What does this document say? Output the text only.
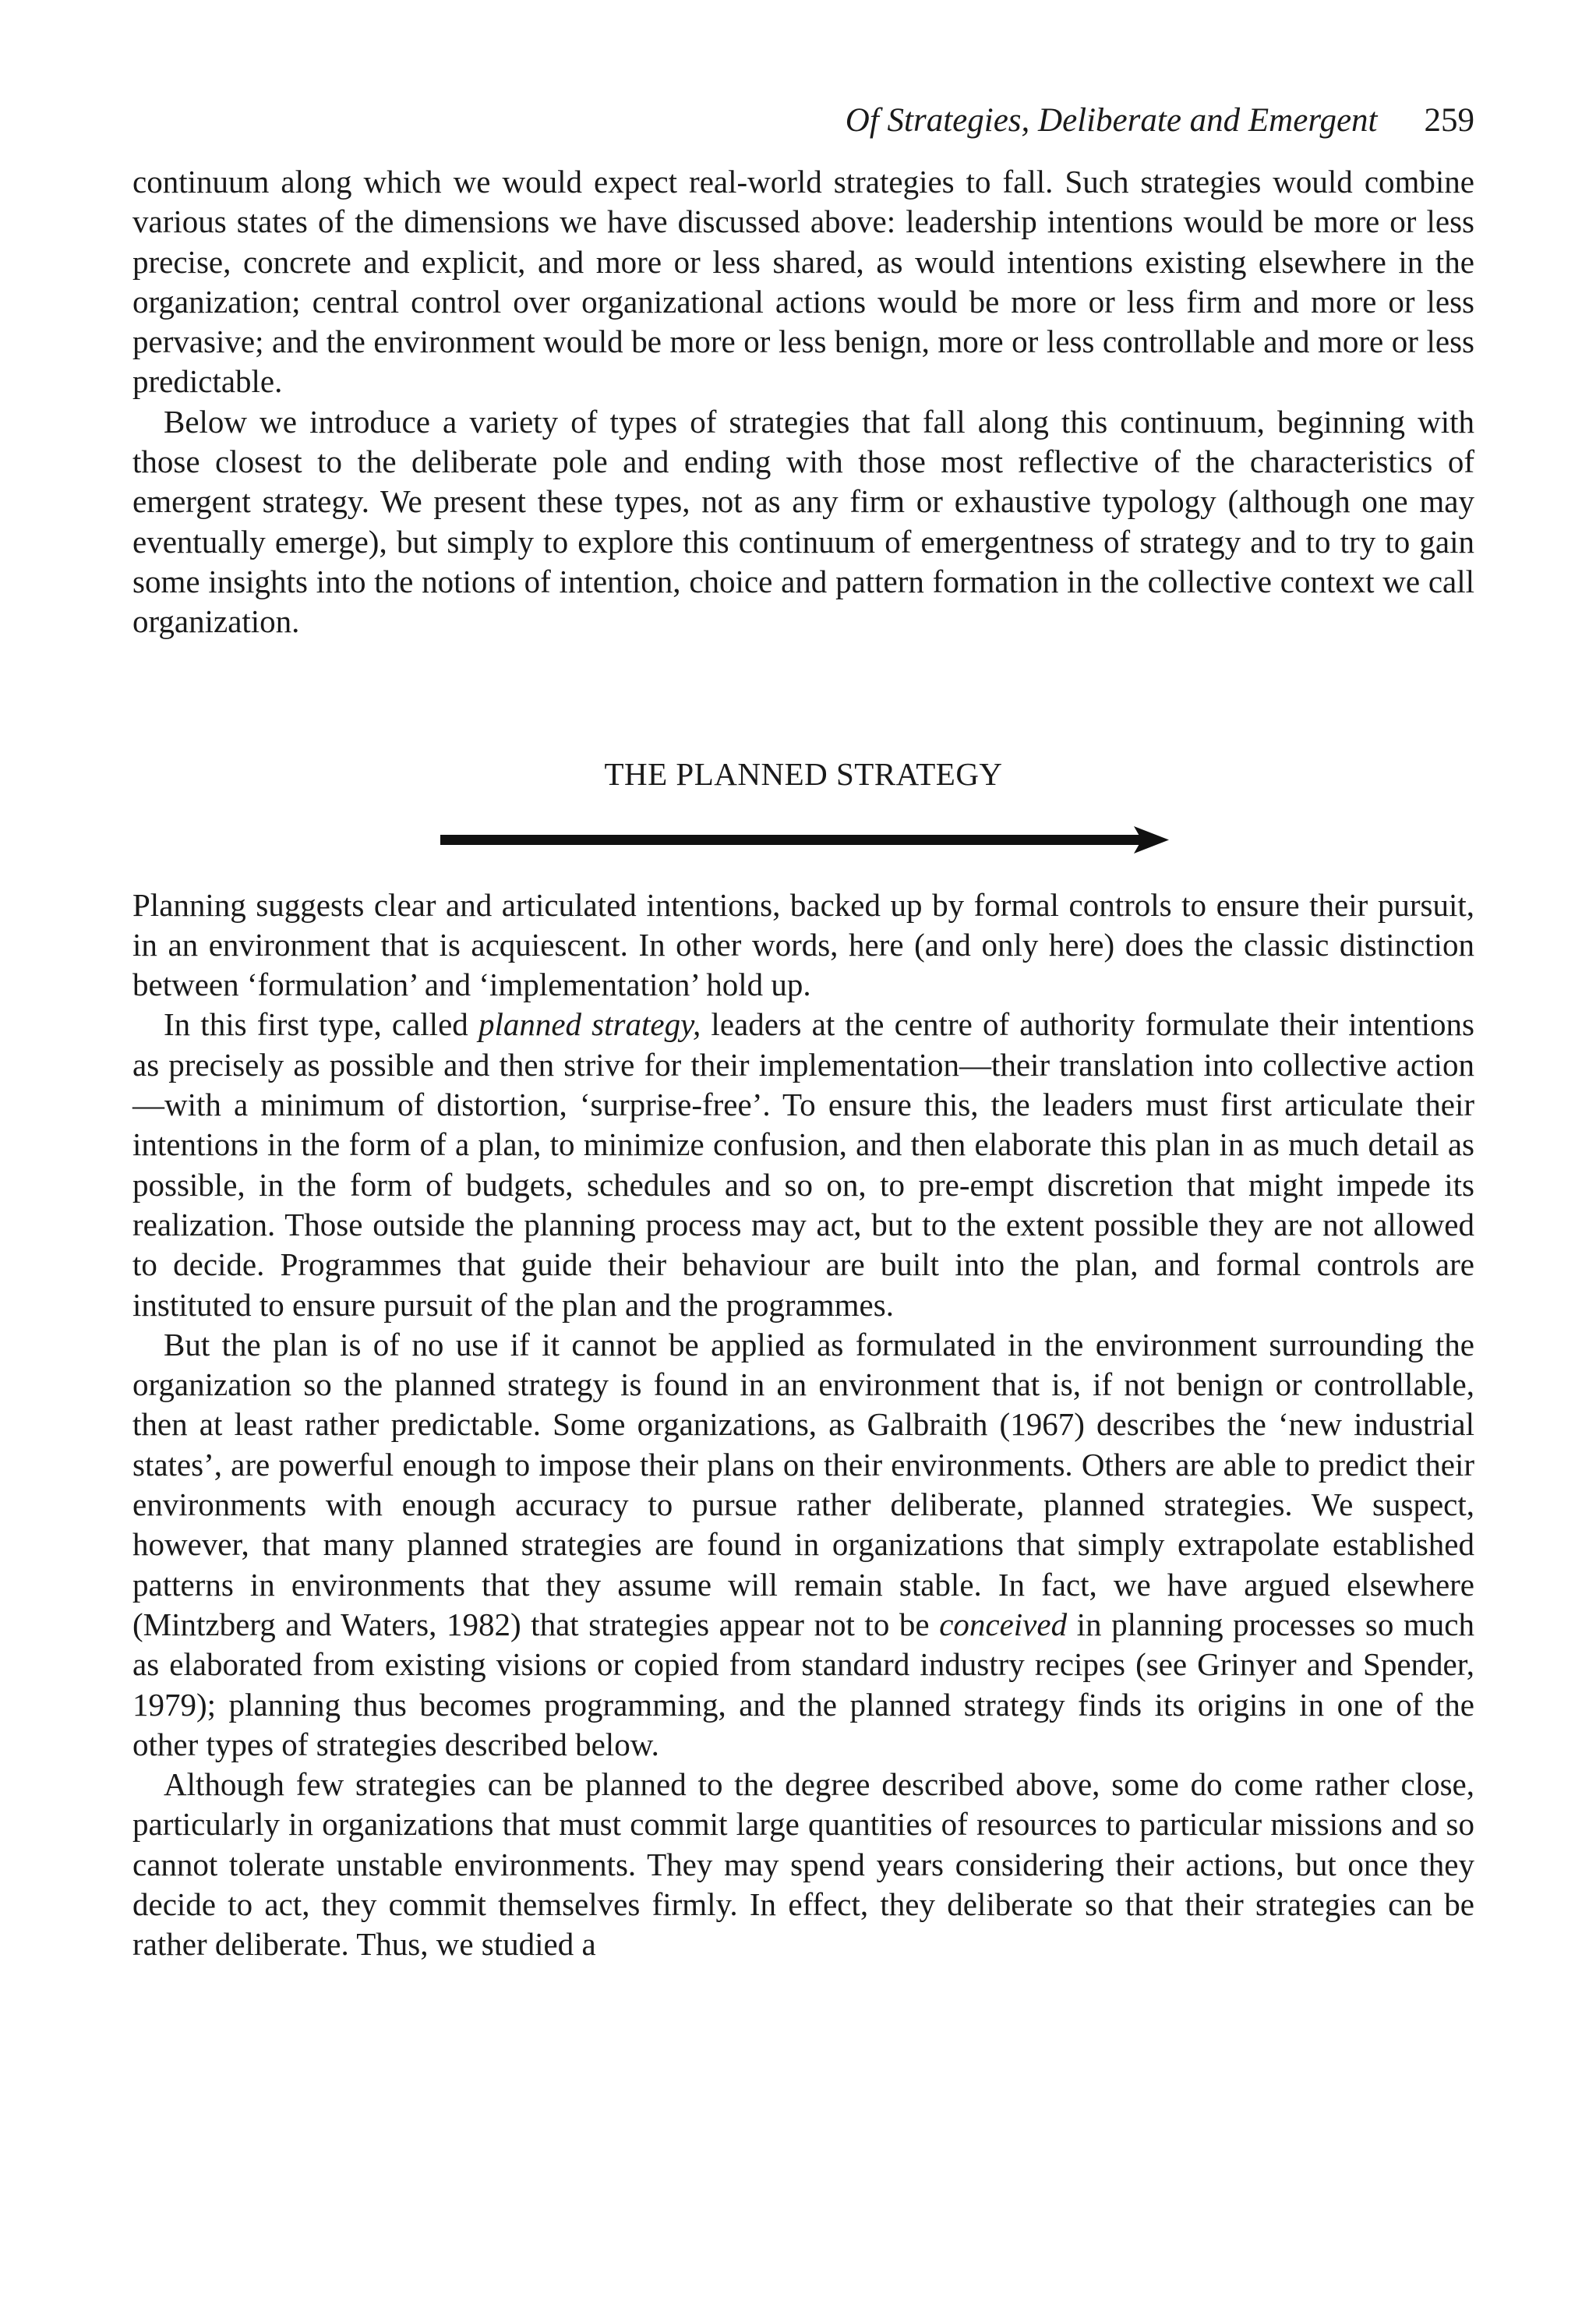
Of Strategies, Deliberate and Emergent 259

continuum along which we would expect real-world strategies to fall. Such strategies would combine various states of the dimensions we have discussed above: leadership intentions would be more or less precise, concrete and explicit, and more or less shared, as would intentions existing elsewhere in the organization; central control over organizational actions would be more or less firm and more or less pervasive; and the environment would be more or less benign, more or less controllable and more or less predictable.

Below we introduce a variety of types of strategies that fall along this continuum, beginning with those closest to the deliberate pole and ending with those most reflective of the characteristics of emergent strategy. We present these types, not as any firm or exhaustive typology (although one may eventually emerge), but simply to explore this continuum of emergentness of strategy and to try to gain some insights into the notions of intention, choice and pattern formation in the collective context we call organization.

THE PLANNED STRATEGY

Planning suggests clear and articulated intentions, backed up by formal controls to ensure their pursuit, in an environment that is acquiescent. In other words, here (and only here) does the classic distinction between ‘formulation’ and ‘implementation’ hold up.

In this first type, called planned strategy, leaders at the centre of authority formulate their intentions as precisely as possible and then strive for their implementation—their translation into collective action—with a minimum of distortion, ‘surprise-free’. To ensure this, the leaders must first articulate their intentions in the form of a plan, to minimize confusion, and then elaborate this plan in as much detail as possible, in the form of budgets, schedules and so on, to pre-empt discretion that might impede its realization. Those outside the planning process may act, but to the extent possible they are not allowed to decide. Programmes that guide their behaviour are built into the plan, and formal controls are instituted to ensure pursuit of the plan and the programmes.

But the plan is of no use if it cannot be applied as formulated in the environment surrounding the organization so the planned strategy is found in an environment that is, if not benign or controllable, then at least rather predictable. Some organizations, as Galbraith (1967) describes the ‘new industrial states’, are powerful enough to impose their plans on their environments. Others are able to predict their environments with enough accuracy to pursue rather deliberate, planned strategies. We suspect, however, that many planned strategies are found in organizations that simply extrapolate established patterns in environments that they assume will remain stable. In fact, we have argued elsewhere (Mintzberg and Waters, 1982) that strategies appear not to be conceived in planning processes so much as elaborated from existing visions or copied from standard industry recipes (see Grinyer and Spender, 1979); planning thus becomes programming, and the planned strategy finds its origins in one of the other types of strategies described below.

Although few strategies can be planned to the degree described above, some do come rather close, particularly in organizations that must commit large quantities of resources to particular missions and so cannot tolerate unstable environments. They may spend years considering their actions, but once they decide to act, they commit themselves firmly. In effect, they deliberate so that their strategies can be rather deliberate. Thus, we studied a
